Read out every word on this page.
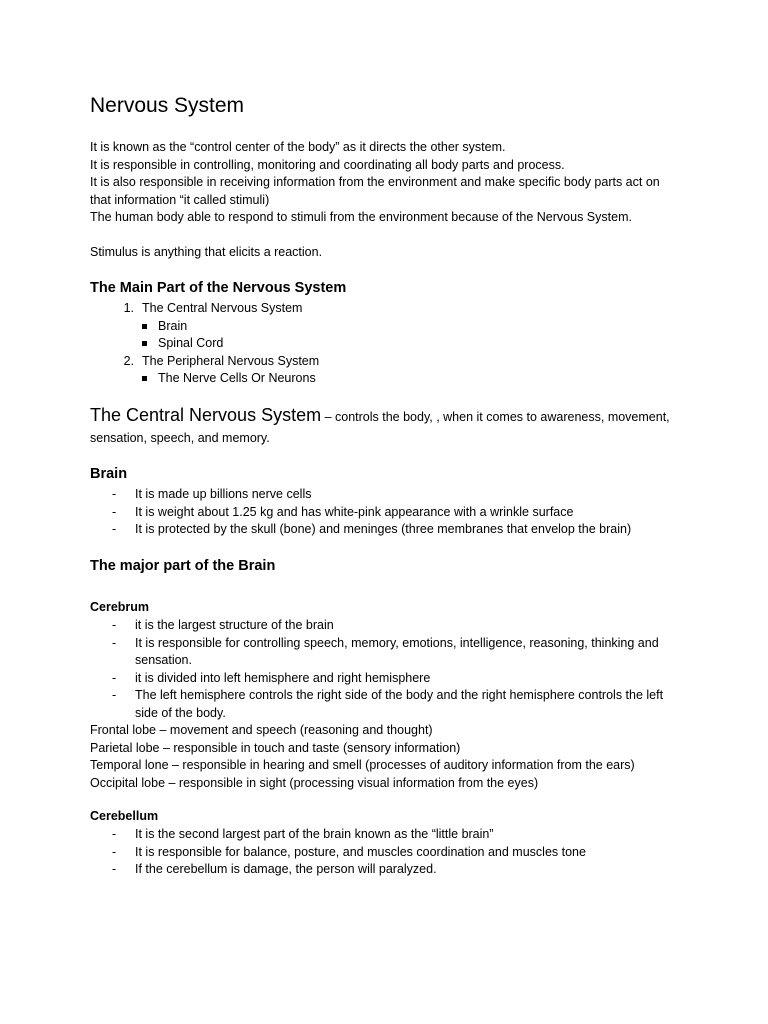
Nervous System

It is known as the “control center of the body” as it directs the other system.

It is responsible in controlling, monitoring and coordinating all body parts and process.

It is also responsible in receiving information from the environment and make specific body parts act on that information “it called stimuli)

The human body able to respond to stimuli from the environment because of the Nervous System.

Stimulus is anything that elicits a reaction.

The Main Part of the Nervous System
1. The Central Nervous System
Brain
Spinal Cord
2. The Peripheral Nervous System
The Nerve Cells Or Neurons

The Central Nervous System – controls the body, , when it comes to awareness, movement, sensation, speech, and memory.

Brain
-	It is made up billions nerve cells
-	It is weight about 1.25 kg and has white-pink appearance with a wrinkle surface
-	It is protected by the skull (bone) and meninges (three membranes that envelop the brain)
The major part of the Brain
Cerebrum
-	it is the largest structure of the brain
-	It is responsible for controlling speech, memory, emotions, intelligence, reasoning, thinking and sensation.
-	it is divided into left hemisphere and right hemisphere
-	The left hemisphere controls the right side of the body and the right hemisphere controls the left side of the body.

Frontal lobe – movement and speech (reasoning and thought)

Parietal lobe – responsible in touch and taste (sensory information)

Temporal lone – responsible in hearing and smell (processes of auditory information from the ears)

Occipital lobe – responsible in sight (processing visual information from the eyes)

Cerebellum
-	It is the second largest part of the brain known as the “little brain”
-	It is responsible for balance, posture, and muscles coordination and muscles tone
-	If the cerebellum is damage, the person will paralyzed.
